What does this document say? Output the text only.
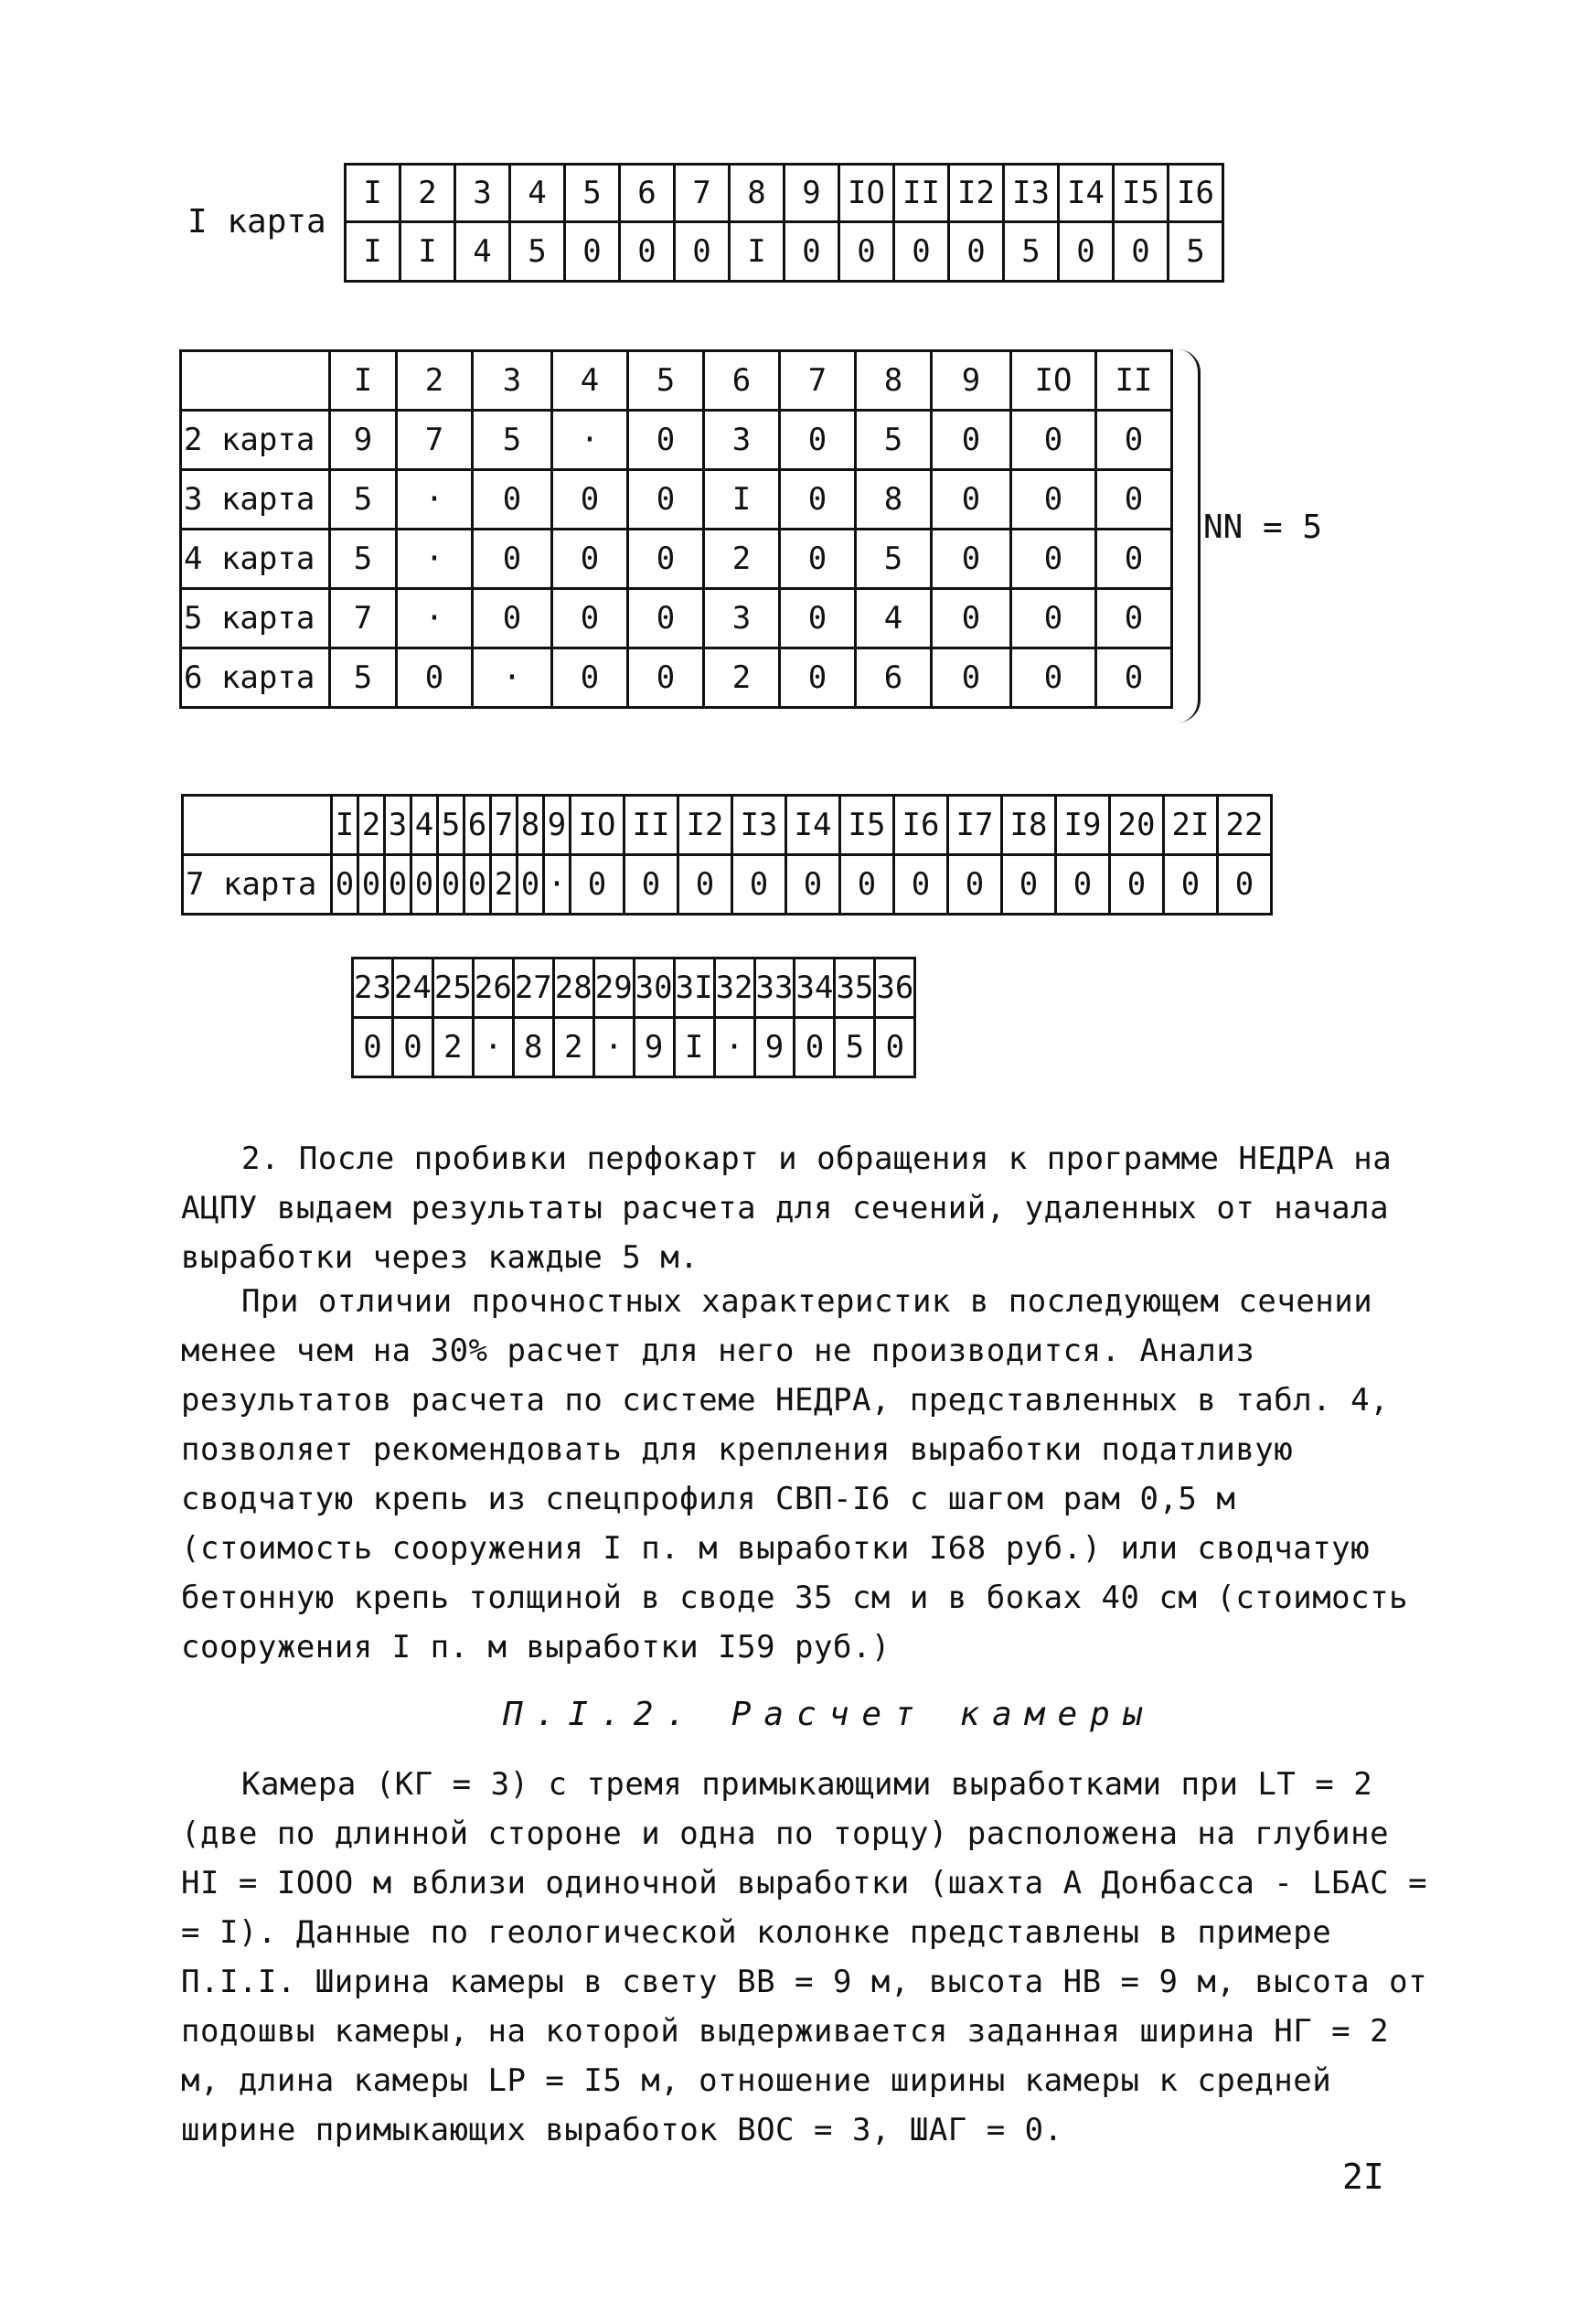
I карта
I	2	3	4	5	6	7	8	9	IO	II	I2	I3	I4	I5	I6
I	I	4	5	0	0	0	I	0	0	0	0	5	0	0	5
	I	2	3	4	5	6	7	8	9	IO	II
2 карта	9	7	5	·	0	3	0	5	0	0	0
3 карта	5	·	0	0	0	I	0	8	0	0	0
4 карта	5	·	0	0	0	2	0	5	0	0	0
5 карта	7	·	0	0	0	3	0	4	0	0	0
6 карта	5	0	·	0	0	2	0	6	0	0	0
NN = 5
	I	2	3	4	5	6	7	8	9	IO	II	I2	I3	I4	I5	I6	I7	I8	I9	20	2I	22
7 карта	0	0	0	0	0	0	2	0	·	0	0	0	0	0	0	0	0	0	0	0	0	0
23	24	25	26	27	28	29	30	3I	32	33	34	35	36
0	0	2	·	8	2	·	9	I	·	9	0	5	0
2. После пробивки перфокарт и обращения к программе НЕДРА на АЦПУ выдаем результаты расчета для сечений, удаленных от начала выработки через каждые 5 м.
При отличии прочностных характеристик в последующем сечении менее чем на 30% расчет для него не производится. Анализ результатов расчета по системе НЕДРА, представленных в табл. 4, позволяет рекомендовать для крепления выработки податливую сводчатую крепь из спецпрофиля СВП-I6 с шагом рам 0,5 м (стоимость сооружения I п. м выработки I68 руб.) или сводчатую бетонную крепь толщиной в своде 35 см и в боках 40 см (стоимость сооружения I п. м выработки I59 руб.)
П.I.2. Расчет камеры
Камера (КГ = 3) с тремя примыкающими выработками при LT = 2 (две по длинной стороне и одна по торцу) расположена на глубине HI = IOOO м вблизи одиночной выработки (шахта А Донбасса - LБАС = = I). Данные по геологической колонке представлены в примере П.I.I. Ширина камеры в свету ВВ = 9 м, высота НВ = 9 м, высота от подошвы камеры, на которой выдерживается заданная ширина НГ = 2 м, длина камеры LP = I5 м, отношение ширины камеры к средней ширине примыкающих выработок ВОС = 3, ШАГ = 0.
2I
